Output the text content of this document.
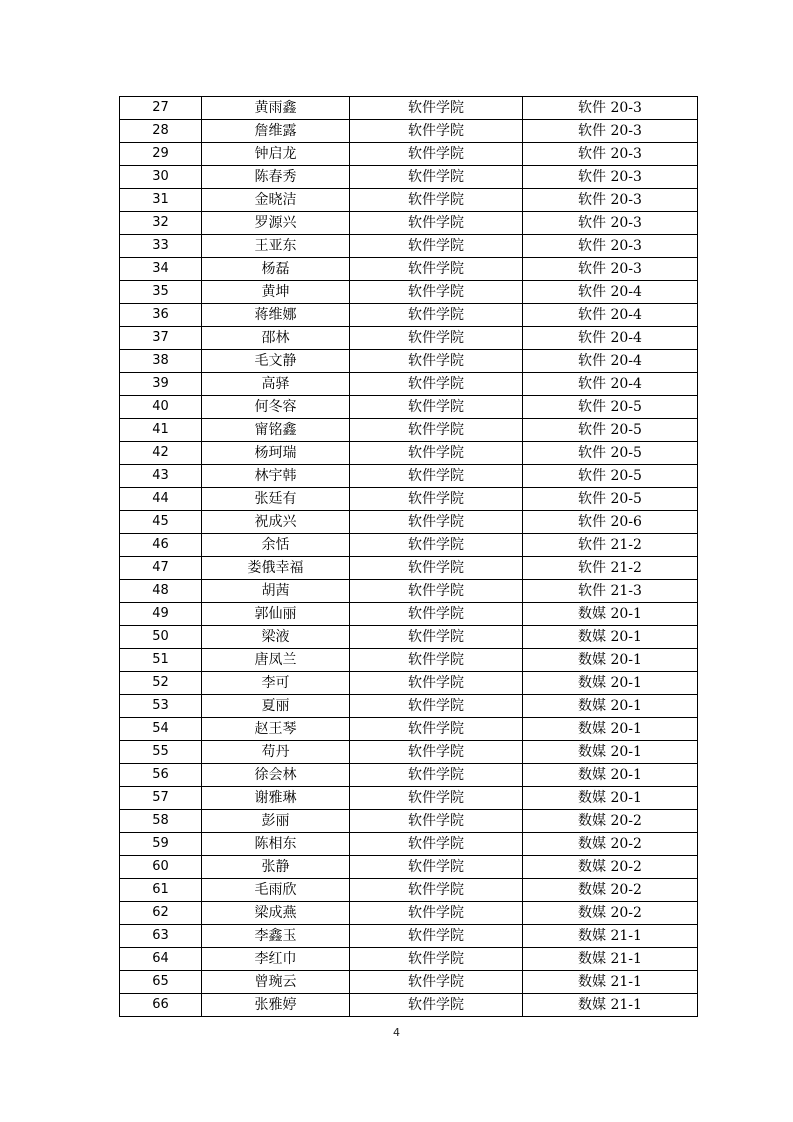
27	黄雨鑫	软件学院	软件 20-3
28	詹维露	软件学院	软件 20-3
29	钟启龙	软件学院	软件 20-3
30	陈春秀	软件学院	软件 20-3
31	金晓洁	软件学院	软件 20-3
32	罗源兴	软件学院	软件 20-3
33	王亚东	软件学院	软件 20-3
34	杨磊	软件学院	软件 20-3
35	黄坤	软件学院	软件 20-4
36	蒋维娜	软件学院	软件 20-4
37	邵林	软件学院	软件 20-4
38	毛文静	软件学院	软件 20-4
39	高驿	软件学院	软件 20-4
40	何冬容	软件学院	软件 20-5
41	甯铭鑫	软件学院	软件 20-5
42	杨珂瑞	软件学院	软件 20-5
43	林宇韩	软件学院	软件 20-5
44	张廷有	软件学院	软件 20-5
45	祝成兴	软件学院	软件 20-6
46	余恬	软件学院	软件 21-2
47	娄俄幸福	软件学院	软件 21-2
48	胡茜	软件学院	软件 21-3
49	郭仙丽	软件学院	数媒 20-1
50	梁液	软件学院	数媒 20-1
51	唐凤兰	软件学院	数媒 20-1
52	李可	软件学院	数媒 20-1
53	夏丽	软件学院	数媒 20-1
54	赵王琴	软件学院	数媒 20-1
55	苟丹	软件学院	数媒 20-1
56	徐会林	软件学院	数媒 20-1
57	谢雅琳	软件学院	数媒 20-1
58	彭丽	软件学院	数媒 20-2
59	陈相东	软件学院	数媒 20-2
60	张静	软件学院	数媒 20-2
61	毛雨欣	软件学院	数媒 20-2
62	梁成燕	软件学院	数媒 20-2
63	李鑫玉	软件学院	数媒 21-1
64	李红巾	软件学院	数媒 21-1
65	曾琬云	软件学院	数媒 21-1
66	张雅婷	软件学院	数媒 21-1
4
